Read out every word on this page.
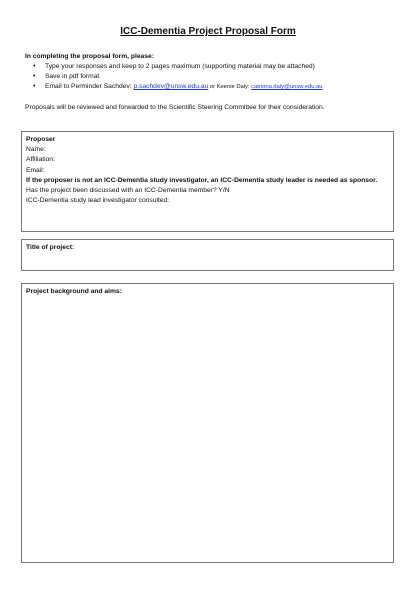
ICC-Dementia Project Proposal Form
In completing the proposal form, please:
• Type your responses and keep to 2 pages maximum (supporting material may be attached)
• Save in pdf format
• Email to Perminder Sachdev: p.sachdev@unsw.edu.au or Keenie Daly: catriona.daly@unsw.edu.au
Proposals will be reviewed and forwarded to the Scientific Steering Committee for their consideration.
Proposer
Name:
Affiliation:
Email:
If the proposer is not an ICC-Dementia study investigator, an ICC-Dementia study leader is needed as sponsor.
Has the project been discussed with an ICC-Dementia member? Y/N
ICC-Dementia study lead investigator consulted:
Title of project:
Project background and aims:
